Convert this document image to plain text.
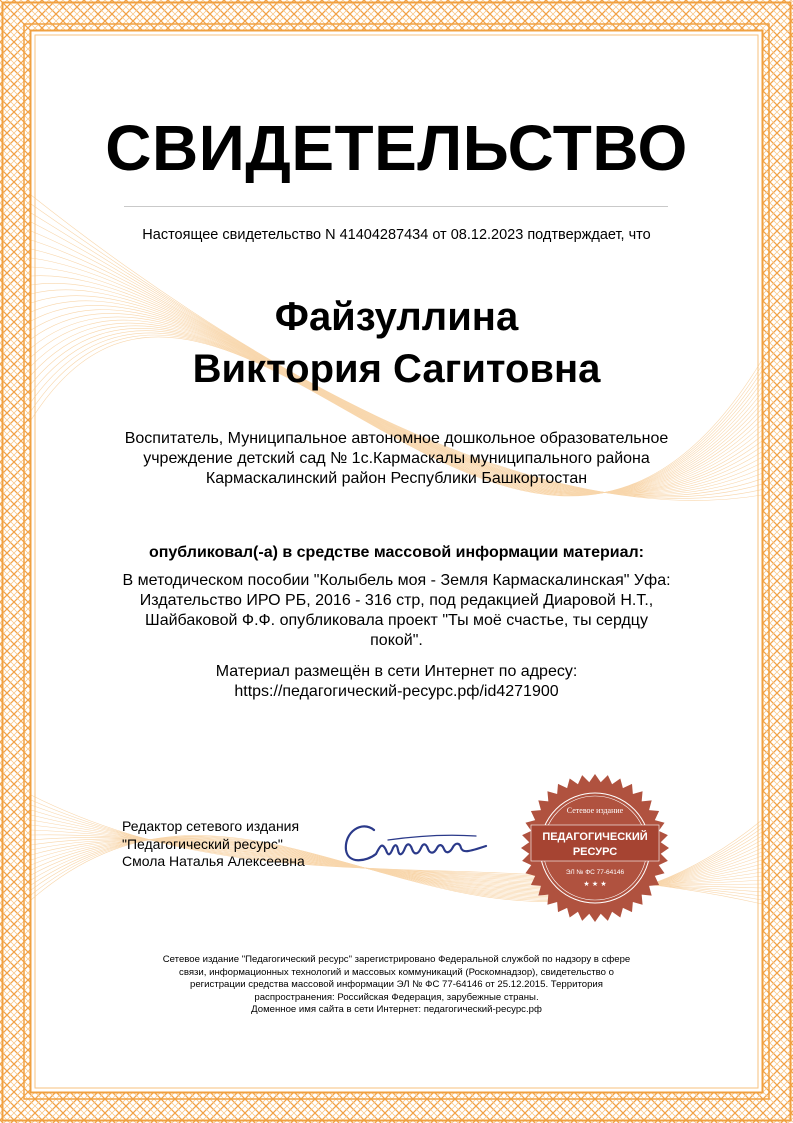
СВИДЕТЕЛЬСТВО
Настоящее свидетельство N 41404287434 от 08.12.2023 подтверждает, что
Файзуллина
Виктория Сагитовна
Воспитатель, Муниципальное автономное дошкольное образовательное
учреждение детский сад № 1с.Кармаскалы муниципального района
Кармаскалинский район Республики Башкортостан
опубликовал(-а) в средстве массовой информации материал:
В методическом пособии "Колыбель моя - Земля Кармаскалинская" Уфа:
Издательство ИРО РБ, 2016 - 316 стр, под редакцией Диаровой Н.Т.,
Шайбаковой Ф.Ф. опубликовала проект "Ты моё счастье, ты сердцу
покой".
Материал размещён в сети Интернет по адресу:
https://педагогический-ресурс.рф/id4271900
Редактор сетевого издания
"Педагогический ресурс"
Смола Наталья Алексеевна
Сетевое издание
ПЕДАГОГИЧЕСКИЙ
РЕСУРС
ЭЛ № ФС 77-64146
★ ★ ★
Сетевое издание "Педагогический ресурс" зарегистрировано Федеральной службой по надзору в сфере
связи, информационных технологий и массовых коммуникаций (Роскомнадзор), свидетельство о
регистрации средства массовой информации ЭЛ № ФС 77-64146 от 25.12.2015. Территория
распространения: Российская Федерация, зарубежные страны.
Доменное имя сайта в сети Интернет: педагогический-ресурс.рф
